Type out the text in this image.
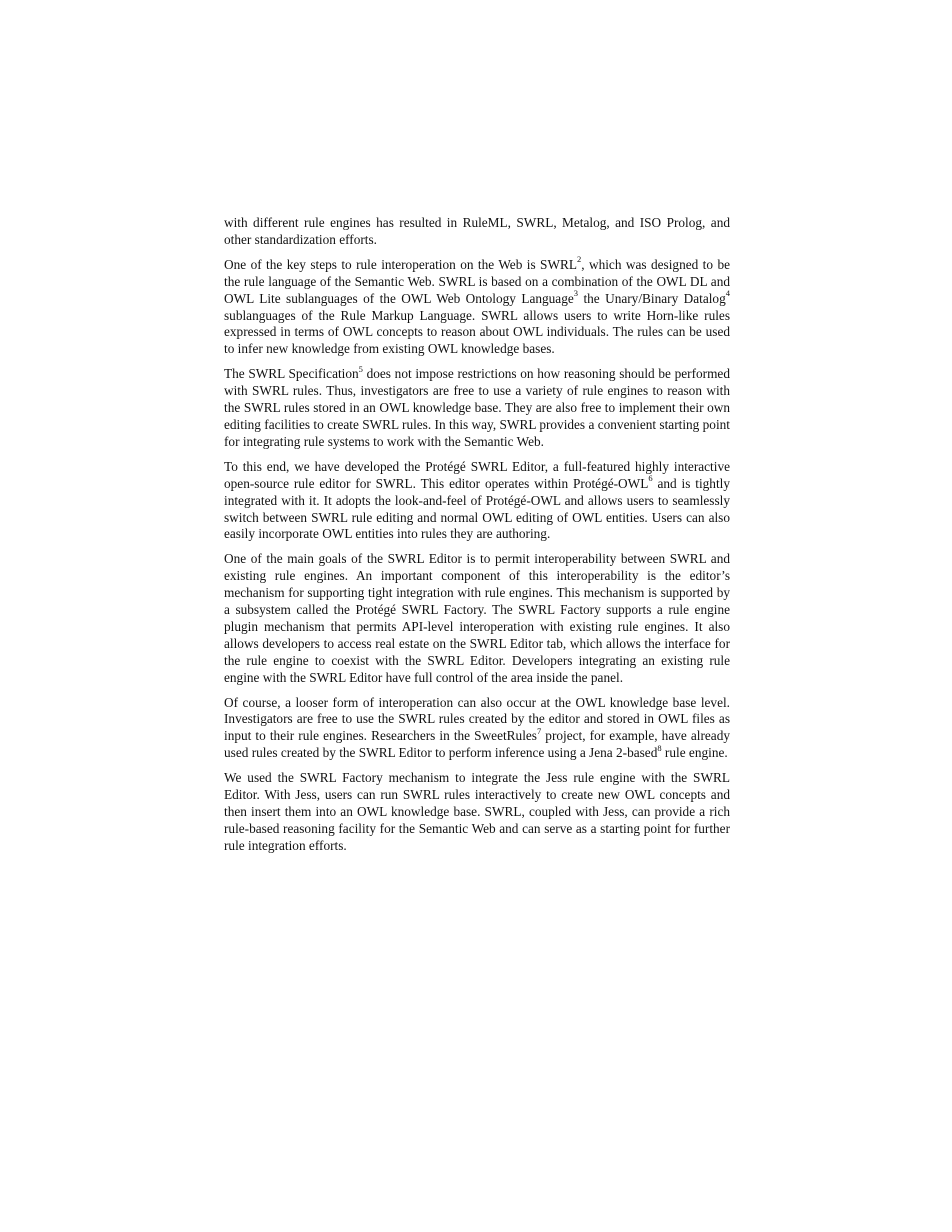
with different rule engines has resulted in RuleML, SWRL, Metalog, and ISO Prolog, and other standardization efforts.

One of the key steps to rule interoperation on the Web is SWRL$^2$, which was designed to be the rule language of the Semantic Web. SWRL is based on a combination of the OWL DL and OWL Lite sublanguages of the OWL Web Ontology Language$^3$ the Unary/Binary Datalog$^4$ sublanguages of the Rule Markup Language. SWRL allows users to write Horn-like rules expressed in terms of OWL concepts to reason about OWL individuals. The rules can be used to infer new knowledge from existing OWL knowledge bases.

The SWRL Specification$^5$ does not impose restrictions on how reasoning should be performed with SWRL rules. Thus, investigators are free to use a variety of rule engines to reason with the SWRL rules stored in an OWL knowledge base. They are also free to implement their own editing facilities to create SWRL rules. In this way, SWRL provides a convenient starting point for integrating rule systems to work with the Semantic Web.

To this end, we have developed the Protégé SWRL Editor, a full-featured highly interactive open-source rule editor for SWRL. This editor operates within Protégé-OWL$^6$ and is tightly integrated with it. It adopts the look-and-feel of Protégé-OWL and allows users to seamlessly switch between SWRL rule editing and normal OWL editing of OWL entities. Users can also easily incorporate OWL entities into rules they are authoring.

One of the main goals of the SWRL Editor is to permit interoperability between SWRL and existing rule engines. An important component of this interoperability is the editor’s mechanism for supporting tight integration with rule engines. This mechanism is supported by a subsystem called the Protégé SWRL Factory. The SWRL Factory supports a rule engine plugin mechanism that permits API-level interoperation with existing rule engines. It also allows developers to access real estate on the SWRL Editor tab, which allows the interface for the rule engine to coexist with the SWRL Editor. Developers integrating an existing rule engine with the SWRL Editor have full control of the area inside the panel.

Of course, a looser form of interoperation can also occur at the OWL knowledge base level. Investigators are free to use the SWRL rules created by the editor and stored in OWL files as input to their rule engines. Researchers in the SweetRules$^7$ project, for example, have already used rules created by the SWRL Editor to perform inference using a Jena 2-based$^8$ rule engine.

We used the SWRL Factory mechanism to integrate the Jess rule engine with the SWRL Editor. With Jess, users can run SWRL rules interactively to create new OWL concepts and then insert them into an OWL knowledge base. SWRL, coupled with Jess, can provide a rich rule-based reasoning facility for the Semantic Web and can serve as a starting point for further rule integration efforts.
